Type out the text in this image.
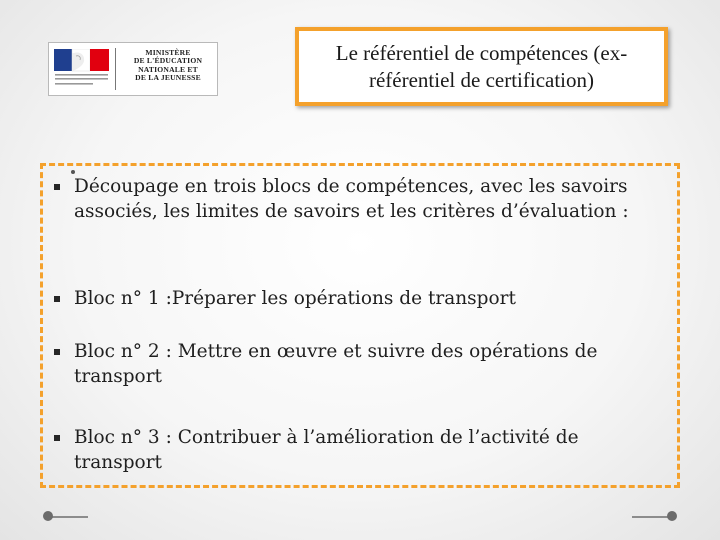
MINISTÈRE
DE L'ÉDUCATION
NATIONALE ET
DE LA JEUNESSE
Le référentiel de compétences (ex-référentiel de certification)
Découpage en trois blocs de compétences, avec les savoirs associés, les limites de savoirs et les critères d’évaluation :
Bloc n° 1 :Préparer les opérations de transport
Bloc n° 2 : Mettre en œuvre et suivre des opérations de transport
Bloc n° 3 : Contribuer à l’amélioration de l’activité de transport
